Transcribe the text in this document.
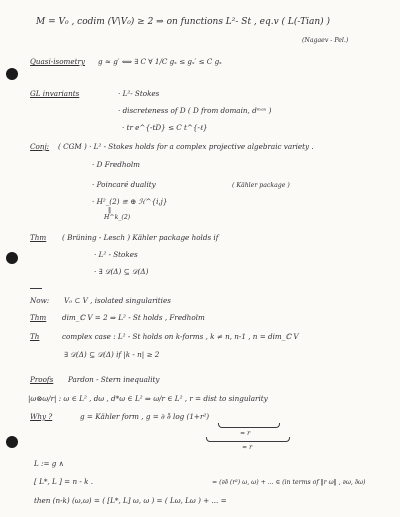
M = V₀ , codim (V\V₀) ≥ 2 ⇒ on functions L²- St , eq.v ( L(-Tian) )
(Nagaev - Pel.)
Quasi-isometry g ≈ g′ ⟺ ∃ C ∀ 1/C gₓ ≤ gₓ′ ≤ C gₓ
GL invariants	· L²- Stokes
· discreteness of D ( D from domain, dᵐᵃˣ )
· tr e^{-tD} ≤ C t^{-ℓ}
Conj: ( CGM ) · L² - Stokes holds for a complex projective algebraic variety .
· D Fredholm
· Poincaré duality	( Kähler package )
· H²_(2) ≅ ⊕ ℋ^{i,j}
‖
H^k_(2)
Thm ( Brüning - Lesch ) Kähler package holds if
· L² - Stokes
· ∃ 𝒟(Δ) ⊆ 𝒟(Δ)
Now: V₀ ⊂ V , isolated singularities
Thm dim_ℂ V = 2 ⇒ L² - St holds , Fredholm
Th	complex case : L² - St holds on k-forms , k ≠ n, n-1 , n = dim_ℂ V
∃ 𝒟(Δ) ⊆ 𝒟(Δ) if |k - n| ≥ 2
Proofs Pardon - Stern inequality
|ω⊗ω/r| : ω ∈ L² , dω , d*ω ∈ L² ⇒ ω/r ∈ L² , r = dist to singularity
Why ?	g = Kähler form , g = ∂ ∂̄ log (1+r²)
≈ r
≈ r
L := g ∧
[ L*, L ] = n - k .	= (∂∂̄ (r²) ω, ω) + ... ∈ (in terms of ‖r ω‖ , ∂ω, ∂̄ω)
then (n-k) (ω,ω) = ( [L*, L] ω, ω ) = ( Lω, Lω ) + ... =
